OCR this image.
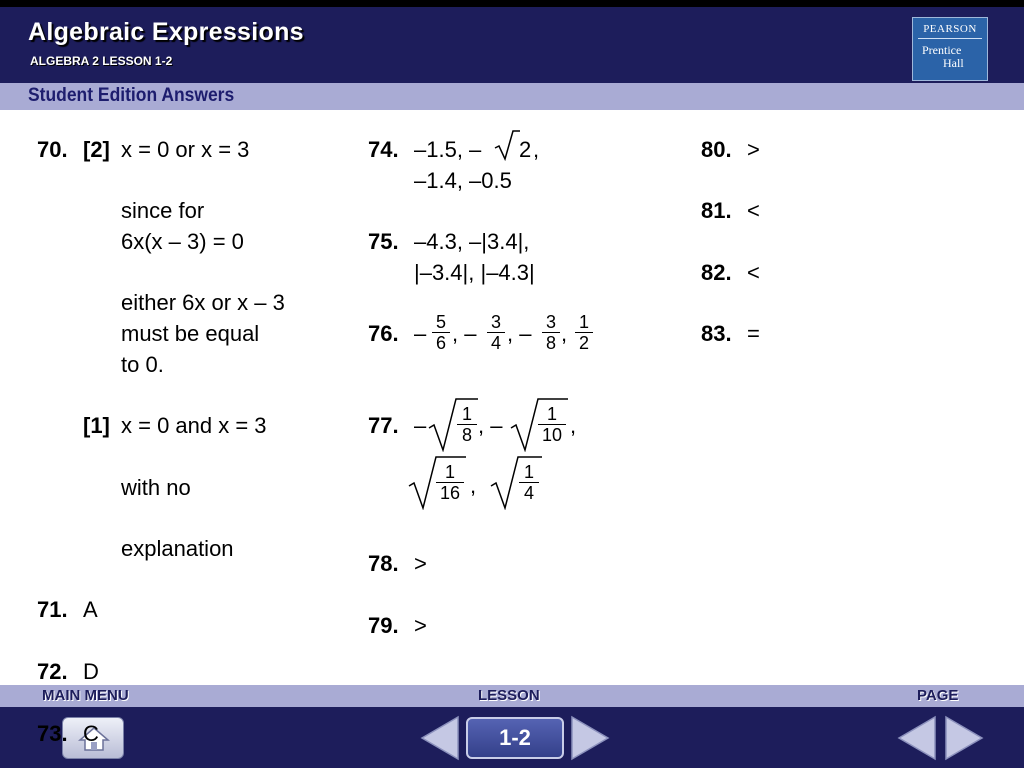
Algebraic Expressions
ALGEBRA 2 LESSON 1-2
PEARSON
Prentice
Hall
Student Edition Answers
70. [2] x = 0 or x = 3
since for
6x(x – 3) = 0
either 6x or x – 3
must be equal
to 0.
[1] x = 0 and x = 3
with no
explanation
71. A
72. D
74. –1.5, – 2 ,
–1.4, –0.5
75. –4.3, –|3.4|,
|–3.4|, |–4.3|
76. – $\frac{5}{6}$ , – $\frac{3}{4}$ , – $\frac{3}{8}$ , $\frac{1}{2}$
77. – $\frac{1}{8}$ , – $\frac{1}{10}$ ,
$\frac{1}{16}$ , $\frac{1}{4}$
78. >
79. >
80. >
81. <
82. <
83. =
MAIN MENU	LESSON	PAGE
1-2
73. C
